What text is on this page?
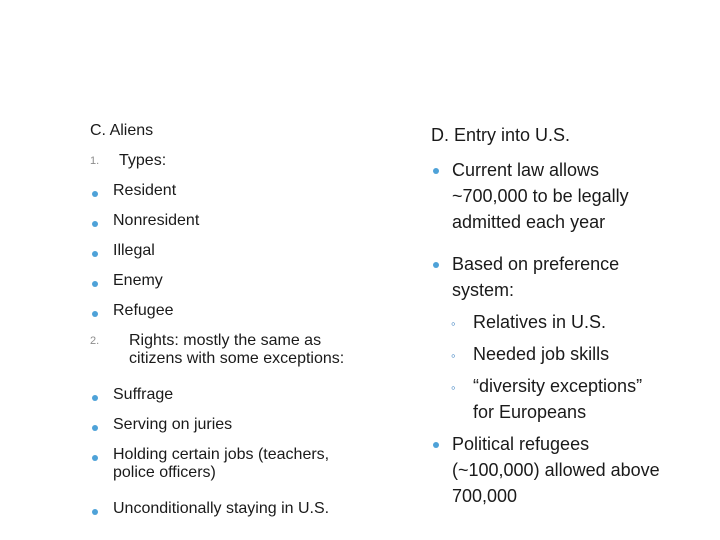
C. Aliens
1. Types:
Resident
Nonresident
Illegal
Enemy
Refugee
2.	Rights: mostly the same as
citizens with some exceptions:
Suffrage
Serving on juries
Holding certain jobs (teachers,
police officers)
Unconditionally staying in U.S.
D. Entry into U.S.
Current law allows
~700,000 to be legally
admitted each year
Based on preference
system:
◦ Relatives in U.S.
◦ Needed job skills
◦ “diversity exceptions”
for Europeans
Political refugees
(~100,000) allowed above
700,000
